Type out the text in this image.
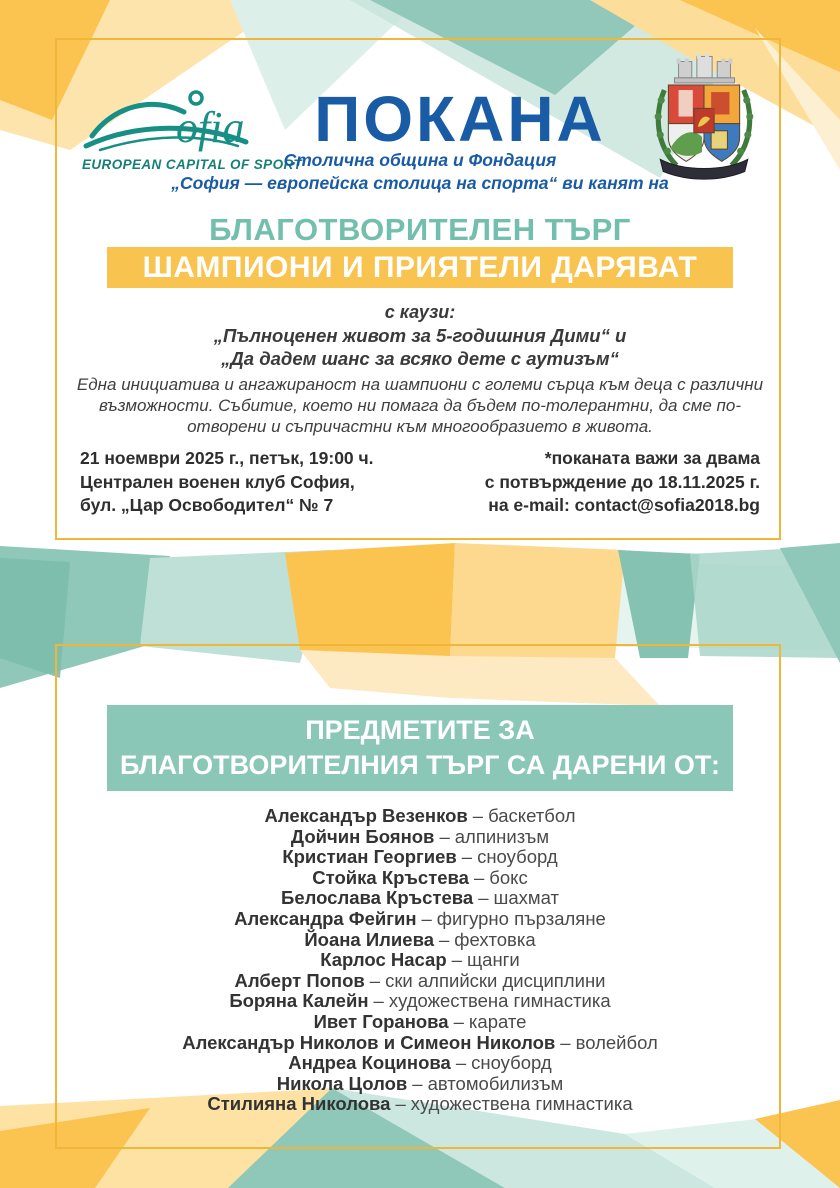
ofia
EUROPEAN CAPITAL OF SPORT
ПОКАНА
Столична община и Фондация
„София — европейска столица на спорта“ ви канят на
БЛАГОТВОРИТЕЛЕН ТЪРГ
ШАМПИОНИ И ПРИЯТЕЛИ ДАРЯВАТ
с каузи:
„Пълноценен живот за 5-годишния Дими“ и
„Да дадем шанс за всяко дете с аутизъм“
Една инициатива и ангажираност на шампиони с големи сърца към деца с различни
възможности. Събитие, което ни помага да бъдем по-толерантни, да сме по-
отворени и съпричастни към многообразието в живота.
21 ноември 2025 г., петък, 19:00 ч.
Централен военен клуб София,
бул. „Цар Освободител“ № 7
*поканата важи за двама
с потвърждение до 18.11.2025 г.
на e-mail: contact@sofia2018.bg
ПРЕДМЕТИТЕ ЗА
БЛАГОТВОРИТЕЛНИЯ ТЪРГ СА ДАРЕНИ ОТ:
Александър Везенков – баскетбол
Дойчин Боянов – алпинизъм
Кристиан Георгиев – сноуборд
Стойка Кръстева – бокс
Белослава Кръстева – шахмат
Александра Фейгин – фигурно пързаляне
Йоана Илиева – фехтовка
Карлос Насар – щанги
Алберт Попов – ски алпийски дисциплини
Боряна Калейн – художествена гимнастика
Ивет Горанова – карате
Александър Николов и Симеон Николов – волейбол
Андреа Коцинова – сноуборд
Никола Цолов – автомобилизъм
Стилияна Николова – художествена гимнастика
